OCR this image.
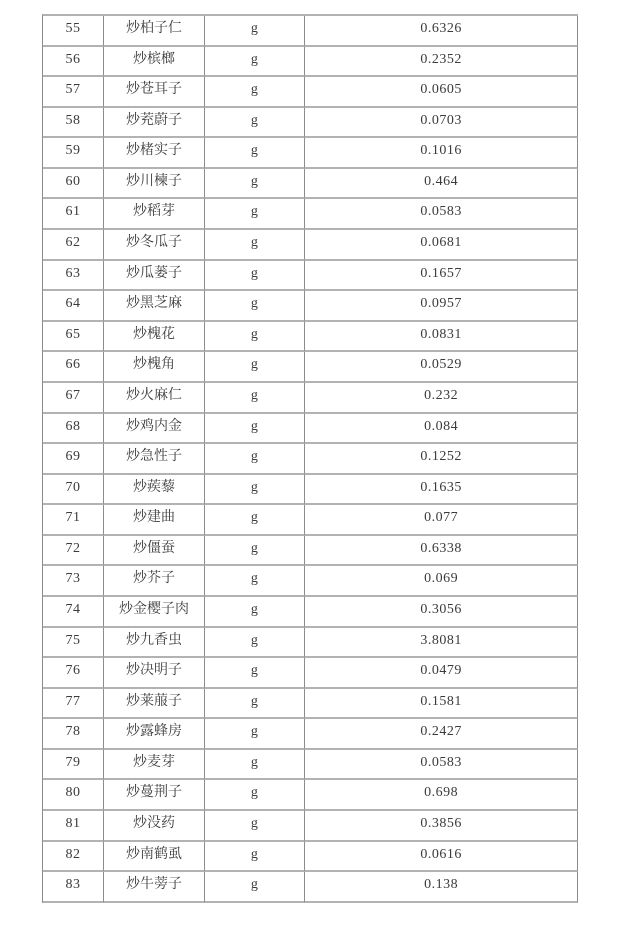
55	炒柏子仁	g	0.6326
56	炒槟榔	g	0.2352
57	炒苍耳子	g	0.0605
58	炒茺蔚子	g	0.0703
59	炒楮实子	g	0.1016
60	炒川楝子	g	0.464
61	炒稻芽	g	0.0583
62	炒冬瓜子	g	0.0681
63	炒瓜蒌子	g	0.1657
64	炒黑芝麻	g	0.0957
65	炒槐花	g	0.0831
66	炒槐角	g	0.0529
67	炒火麻仁	g	0.232
68	炒鸡内金	g	0.084
69	炒急性子	g	0.1252
70	炒蒺藜	g	0.1635
71	炒建曲	g	0.077
72	炒僵蚕	g	0.6338
73	炒芥子	g	0.069
74	炒金樱子肉	g	0.3056
75	炒九香虫	g	3.8081
76	炒决明子	g	0.0479
77	炒莱菔子	g	0.1581
78	炒露蜂房	g	0.2427
79	炒麦芽	g	0.0583
80	炒蔓荆子	g	0.698
81	炒没药	g	0.3856
82	炒南鹤虱	g	0.0616
83	炒牛蒡子	g	0.138
